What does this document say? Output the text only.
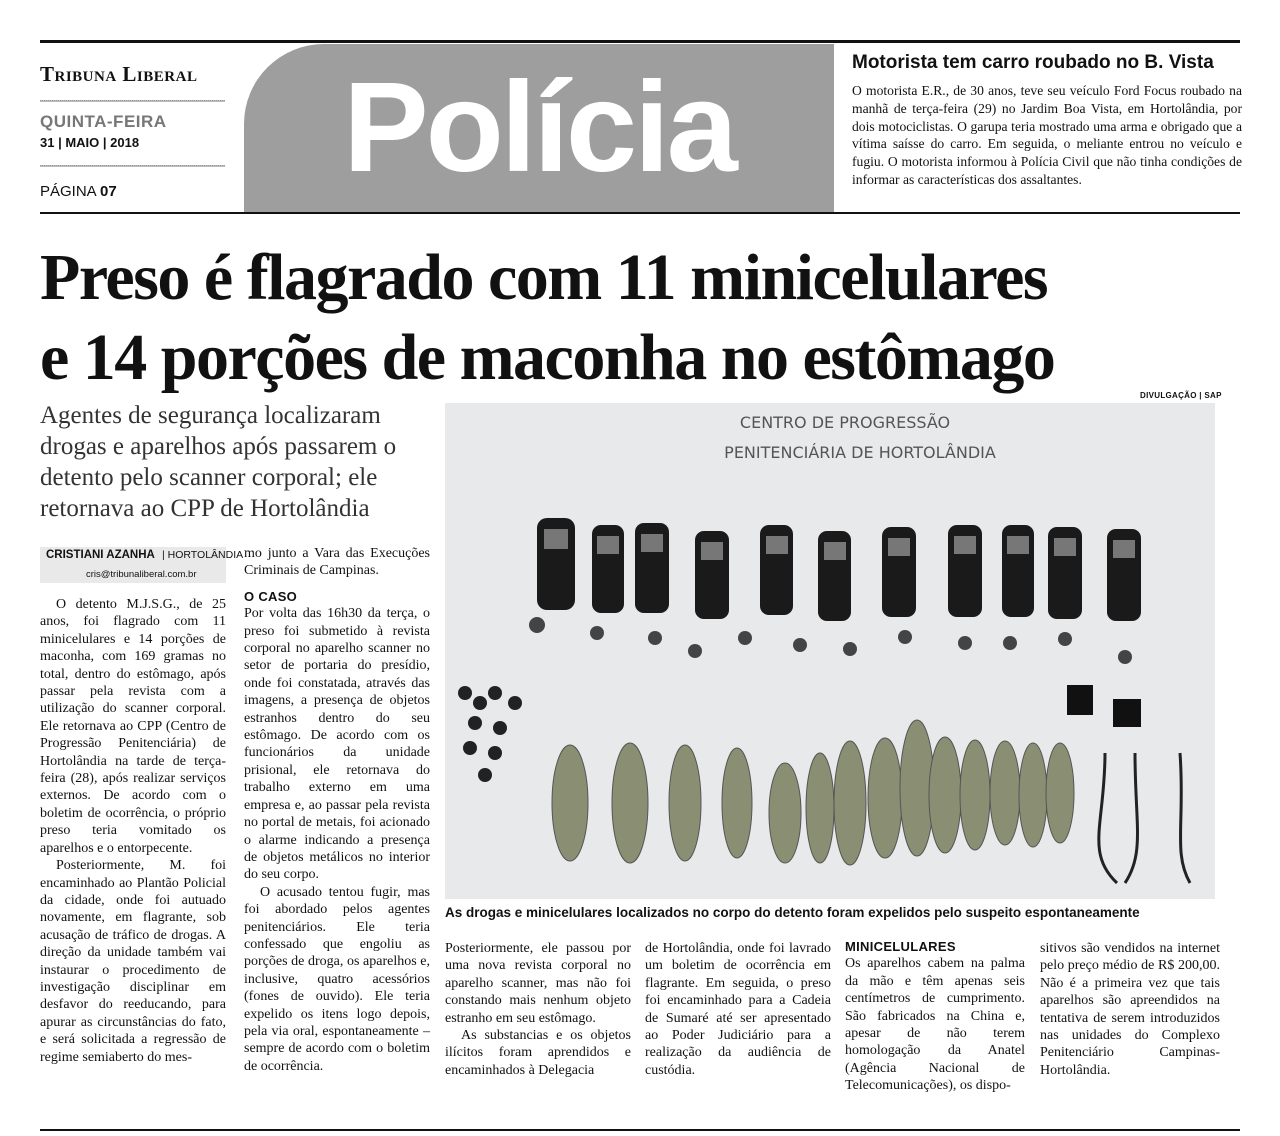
Tribuna Liberal
QUINTA-FEIRA
31 | MAIO | 2018
PÁGINA 07	Polícia	Motorista tem carro roubado no B. Vista
O motorista E.R., de 30 anos, teve seu veículo Ford Focus roubado na manhã de terça-feira (29) no Jardim Boa Vista, em Hortolândia, por dois motociclistas. O garupa teria mostrado uma arma e obrigado que a vítima saísse do carro. Em seguida, o meliante entrou no veículo e fugiu. O motorista informou à Polícia Civil que não tinha condições de informar as características dos assaltantes.
Preso é flagrado com 11 minicelulares
e 14 porções de maconha no estômago
Agentes de segurança localizaram drogas e aparelhos após passarem o detento pelo scanner corporal; ele retornava ao CPP de Hortolândia
CRISTIANI AZANHA | HORTOLÂNDIA
cris@tribunaliberal.com.br

O detento M.J.S.G., de 25 anos, foi flagrado com 11 minicelulares e 14 porções de maconha, com 169 gramas no total, dentro do estômago, após passar pela revista com a utilização do scanner corporal. Ele retornava ao CPP (Centro de Progressão Penitenciária) de Hortolândia na tarde de terça-feira (28), após realizar serviços externos. De acordo com o boletim de ocorrência, o próprio preso teria vomitado os aparelhos e o entorpecente.

Posteriormente, M. foi encaminhado ao Plantão Policial da cidade, onde foi autuado novamente, em flagrante, sob acusação de tráfico de drogas. A direção da unidade também vai instaurar o procedimento de investigação disciplinar em desfavor do reeducando, para apurar as circunstâncias do fato, e será solicitada a regressão de regime semiaberto do mes-

mo junto a Vara das Execuções Criminais de Campinas.

O CASO

Por volta das 16h30 da terça, o preso foi submetido à revista corporal no aparelho scanner no setor de portaria do presídio, onde foi constatada, através das imagens, a presença de objetos estranhos dentro do seu estômago. De acordo com os funcionários da unidade prisional, ele retornava do trabalho externo em uma empresa e, ao passar pela revista no portal de metais, foi acionado o alarme indicando a presença de objetos metálicos no interior do seu corpo.

O acusado tentou fugir, mas foi abordado pelos agentes penitenciários. Ele teria confessado que engoliu as porções de droga, os aparelhos e, inclusive, quatro acessórios (fones de ouvido). Ele teria expelido os itens logo depois, pela via oral, espontaneamente – sempre de acordo com o boletim de ocorrência.

DIVULGAÇÃO | SAP
CENTRO DE PROGRESSÃO
PENITENCIÁRIA DE HORTOLÂNDIA
As drogas e minicelulares localizados no corpo do detento foram expelidos pelo suspeito espontaneamente

Posteriormente, ele passou por uma nova revista corporal no aparelho scanner, mas não foi constando mais nenhum objeto estranho em seu estômago.

As substancias e os objetos ilícitos foram aprendidos e encaminhados à Delegacia

de Hortolândia, onde foi lavrado um boletim de ocorrência em flagrante. Em seguida, o preso foi encaminhado para a Cadeia de Sumaré até ser apresentado ao Poder Judiciário para a realização da audiência de custódia.

MINICELULARES

Os aparelhos cabem na palma da mão e têm apenas seis centímetros de cumprimento. São fabricados na China e, apesar de não terem homologação da Anatel (Agência Nacional de Telecomunicações), os dispo-

sitivos são vendidos na internet pelo preço médio de R$ 200,00. Não é a primeira vez que tais aparelhos são apreendidos na tentativa de serem introduzidos nas unidades do Complexo Penitenciário Campinas-Hortolândia.
